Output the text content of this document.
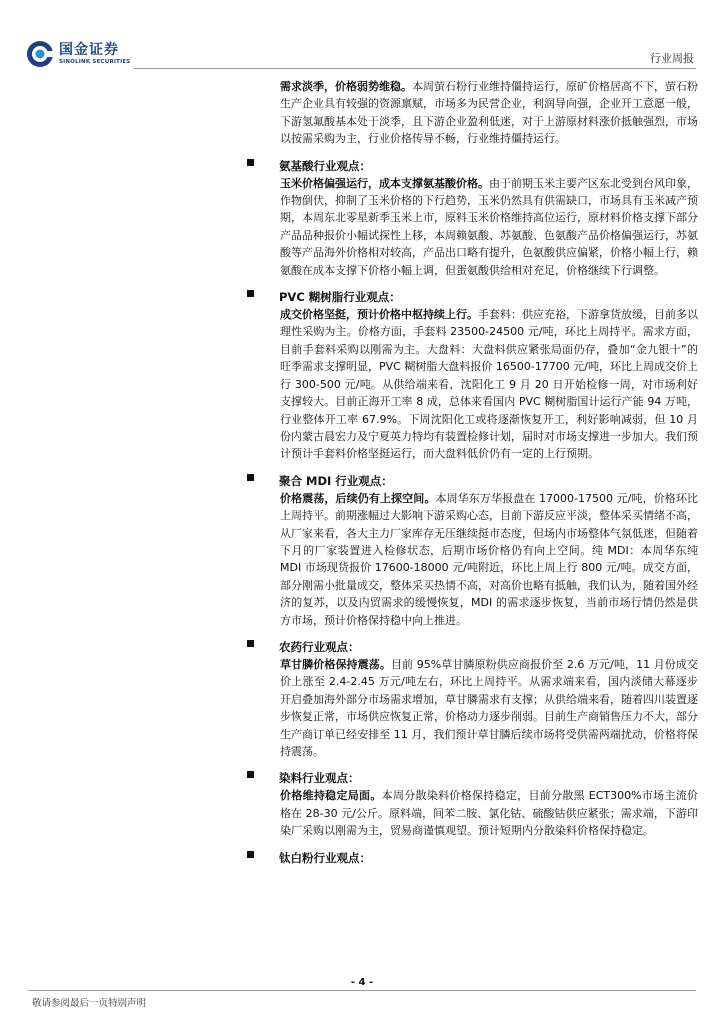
国金证券
SINOLINK SECURITIES	行业周报

需求淡季，价格弱势维稳。本周萤石粉行业维持僵持运行，原矿价格居高不下，萤石粉生产企业具有较强的资源禀赋，市场多为民营企业，利润导向强，企业开工意愿一般，下游氢氟酸基本处于淡季，且下游企业盈利低迷，对于上游原材料涨价抵触强烈，市场以按需采购为主，行业价格传导不畅，行业维持僵持运行。

氨基酸行业观点：

玉米价格偏强运行，成本支撑氨基酸价格。由于前期玉米主要产区东北受到台风印象，作物倒伏，抑制了玉米价格的下行趋势，玉米仍然具有供需缺口，市场具有玉米减产预期，本周东北零星新季玉米上市，原料玉米价格维持高位运行，原材料价格支撑下部分产品品种报价小幅试探性上移，本周赖氨酸、苏氨酸、色氨酸产品价格偏强运行，苏氨酸等产品海外价格相对较高，产品出口略有提升，色氨酸供应偏紧，价格小幅上行，赖氨酸在成本支撑下价格小幅上调，但蛋氨酸供给相对充足，价格继续下行调整。

PVC 糊树脂行业观点：

成交价格坚挺，预计价格中枢持续上行。手套料：供应充裕，下游拿货放缓，目前多以理性采购为主。价格方面，手套料 23500-24500 元/吨，环比上周持平。需求方面，目前手套料采购以刚需为主。大盘料：大盘料供应紧张局面仍存，叠加“金九银十”的旺季需求支撑明显，PVC 糊树脂大盘料报价 16500-17700 元/吨，环比上周成交价上行 300-500 元/吨。从供给端来看，沈阳化工 9 月 20 日开始检修一周，对市场利好支撑较大。目前正海开工率 8 成，总体来看国内 PVC 糊树脂国计运行产能 94 万吨，行业整体开工率 67.9%。下周沈阳化工或将逐渐恢复开工，利好影响减弱，但 10 月份内蒙古晨宏力及宁夏英力特均有装置检修计划，届时对市场支撑进一步加大。我们预计预计手套料价格坚挺运行，而大盘料低价仍有一定的上行预期。

聚合 MDI 行业观点：

价格震荡，后续仍有上探空间。本周华东万华报盘在 17000-17500 元/吨，价格环比上周持平。前期涨幅过大影响下游采购心态，目前下游反应平淡，整体采买情绪不高，从厂家来看，各大主力厂家库存无压继续挺市态度，但场内市场整体气氛低迷，但随着下月的厂家装置进入检修状态，后期市场价格仍有向上空间。纯 MDI：本周华东纯 MDI 市场现货报价 17600-18000 元/吨附近，环比上周上行 800 元/吨。成交方面，部分刚需小批量成交，整体采买热情不高，对高价也略有抵触，我们认为，随着国外经济的复苏，以及内贸需求的缓慢恢复，MDI 的需求逐步恢复，当前市场行情仍然是供方市场，预计价格保持稳中向上推进。

农药行业观点：

草甘膦价格保持震荡。目前 95%草甘膦原粉供应商报价至 2.6 万元/吨，11 月份成交价上涨至 2.4-2.45 万元/吨左右，环比上周持平。从需求端来看，国内淡储大幕逐步开启叠加海外部分市场需求增加，草甘膦需求有支撑；从供给端来看，随着四川装置逐步恢复正常，市场供应恢复正常，价格动力逐步削弱。目前生产商销售压力不大，部分生产商订单已经安排至 11 月，我们预计草甘膦后续市场将受供需两端扰动，价格将保持震荡。

染料行业观点：

价格维持稳定局面。本周分散染料价格保持稳定，目前分散黑 ECT300%市场主流价格在 28-30 元/公斤。原料端，间苯二胺、氯化钴、硫酸钴供应紧张；需求端，下游印染厂采购以刚需为主，贸易商谨慎观望。预计短期内分散染料价格保持稳定。

钛白粉行业观点：
- 4 -
敬请参阅最后一页特别声明
